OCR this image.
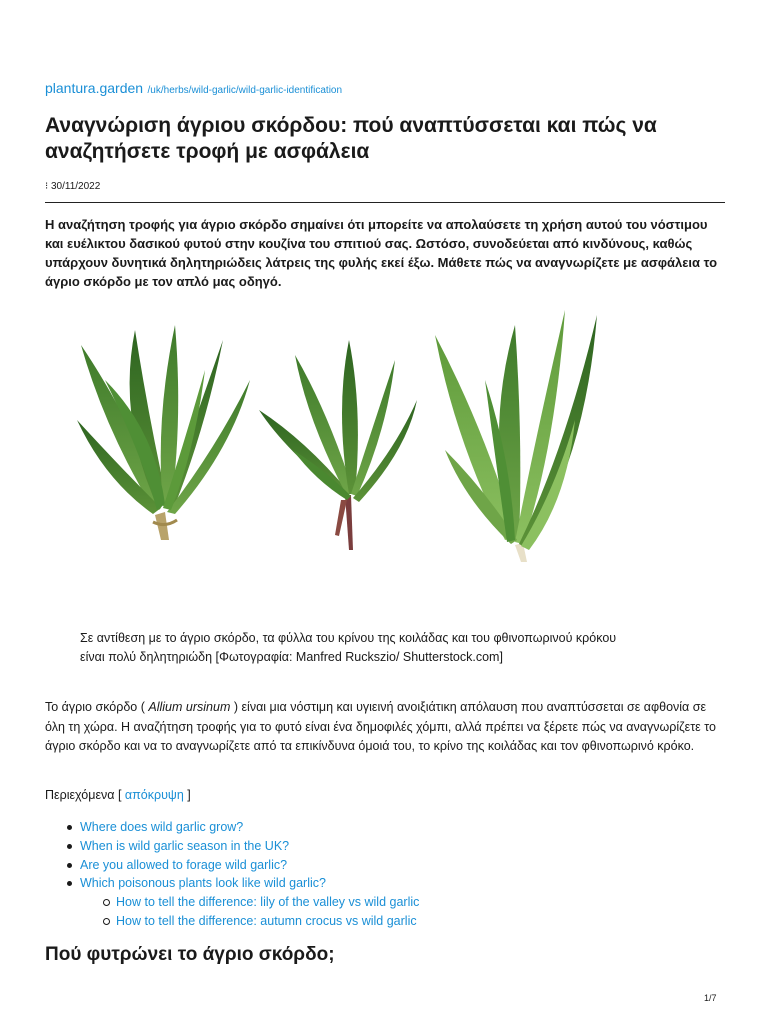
plantura.garden /uk/herbs/wild-garlic/wild-garlic-identification
Αναγνώριση άγριου σκόρδου: πού αναπτύσσεται και πώς να αναζητήσετε τροφή με ασφάλεια
⁝ 30/11/2022

Η αναζήτηση τροφής για άγριο σκόρδο σημαίνει ότι μπορείτε να απολαύσετε τη χρήση αυτού του νόστιμου και ευέλικτου δασικού φυτού στην κουζίνα του σπιτιού σας. Ωστόσο, συνοδεύεται από κινδύνους, καθώς υπάρχουν δυνητικά δηλητηριώδεις λάτρεις της φυλής εκεί έξω. Μάθετε πώς να αναγνωρίζετε με ασφάλεια το άγριο σκόρδο με τον απλό μας οδηγό.

Σε αντίθεση με το άγριο σκόρδο, τα φύλλα του κρίνου της κοιλάδας και του φθινοπωρινού κρόκου είναι πολύ δηλητηριώδη [Φωτογραφία: Manfred Ruckszio/ Shutterstock.com]

Το άγριο σκόρδο ( Allium ursinum ) είναι μια νόστιμη και υγιεινή ανοιξιάτικη απόλαυση που αναπτύσσεται σε αφθονία σε όλη τη χώρα. Η αναζήτηση τροφής για το φυτό είναι ένα δημοφιλές χόμπι, αλλά πρέπει να ξέρετε πώς να αναγνωρίζετε το άγριο σκόρδο και να το αναγνωρίζετε από τα επικίνδυνα όμοιά του, το κρίνο της κοιλάδας και τον φθινοπωρινό κρόκο.

Περιεχόμενα [ απόκρυψη ]
Where does wild garlic grow?
When is wild garlic season in the UK?
Are you allowed to forage wild garlic?
Which poisonous plants look like wild garlic?
How to tell the difference: lily of the valley vs wild garlic
How to tell the difference: autumn crocus vs wild garlic
Πού φυτρώνει το άγριο σκόρδο;
1/7
